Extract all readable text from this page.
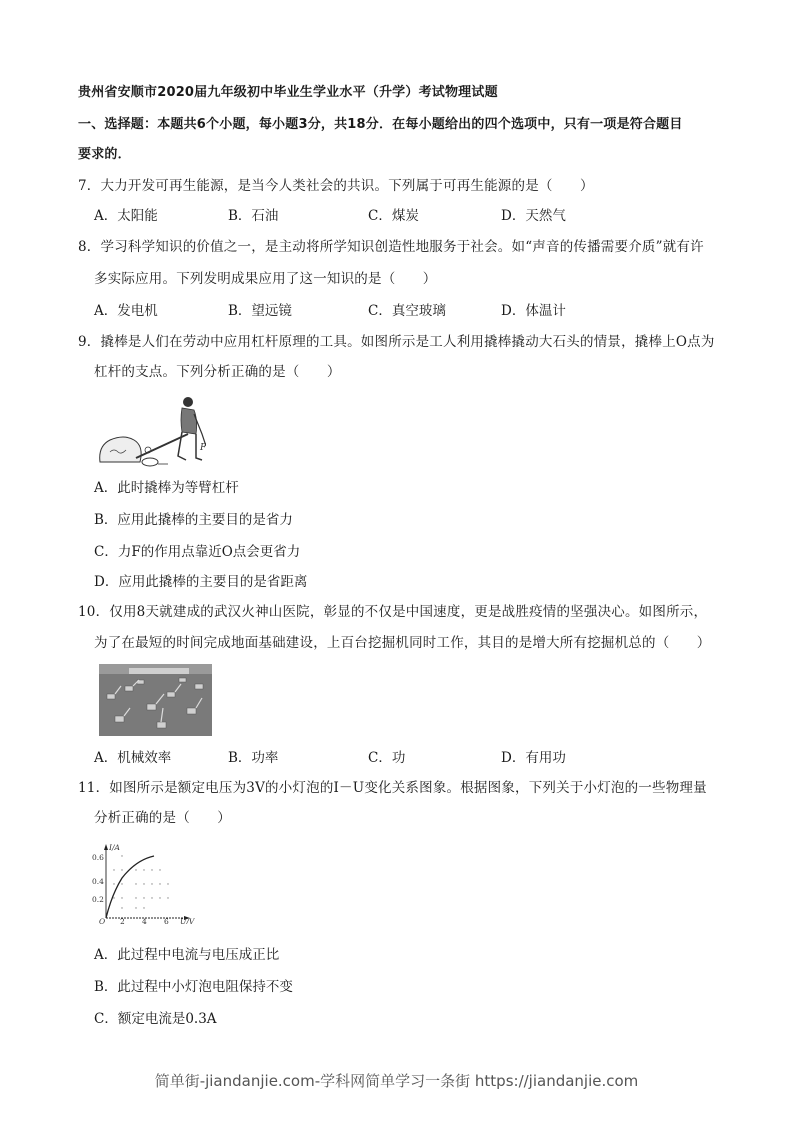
贵州省安顺市2020届九年级初中毕业生学业水平（升学）考试物理试题
一、选择题：本题共6个小题，每小题3分，共18分．在每小题给出的四个选项中，只有一项是符合题目
要求的．
7．大力开发可再生能源，是当今人类社会的共识。下列属于可再生能源的是（　　）
A．太阳能	B．石油	C．煤炭	D．天然气
8．学习科学知识的价值之一，是主动将所学知识创造性地服务于社会。如“声音的传播需要介质”就有许
多实际应用。下列发明成果应用了这一知识的是（　　）
A．发电机	B．望远镜	C．真空玻璃	D．体温计
9．撬棒是人们在劳动中应用杠杆原理的工具。如图所示是工人利用撬棒撬动大石头的情景，撬棒上O点为
杠杆的支点。下列分析正确的是（　　）
F
A．此时撬棒为等臂杠杆
B．应用此撬棒的主要目的是省力
C．力F的作用点靠近O点会更省力
D．应用此撬棒的主要目的是省距离
10．仅用8天就建成的武汉火神山医院，彰显的不仅是中国速度，更是战胜疫情的坚强决心。如图所示，
为了在最短的时间完成地面基础建设，上百台挖掘机同时工作，其目的是增大所有挖掘机总的（　　）
A．机械效率	B．功率	C．功	D．有用功
11．如图所示是额定电压为3V的小灯泡的I－U变化关系图象。根据图象，下列关于小灯泡的一些物理量
分析正确的是（　　）
I/A
0.6
0.4
0.2
O 2 4 6 U/V
A．此过程中电流与电压成正比
B．此过程中小灯泡电阻保持不变
C．额定电流是0.3A
简单街-jiandanjie.com-学科网简单学习一条街 https://jiandanjie.com
